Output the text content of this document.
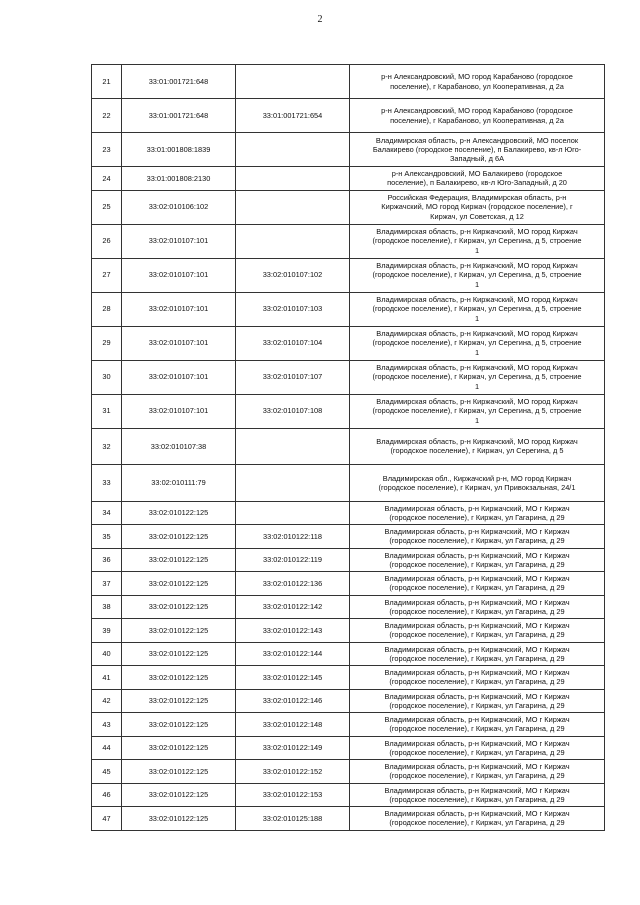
2
21	33:01:001721:648		р-н Александровский, МО город Карабаново (городское
поселение), г Карабаново, ул Кооперативная, д 2а
22	33:01:001721:648	33:01:001721:654	р-н Александровский, МО город Карабаново (городское
поселение), г Карабаново, ул Кооперативная, д 2а
23	33:01:001808:1839		Владимирская область, р-н Александровский, МО поселок
Балакирево (городское поселение), п Балакирево, кв-л Юго-
Западный, д 6А
24	33:01:001808:2130		р-н Александровский, МО Балакирево (городское
поселение), п Балакирево, кв-л Юго-Западный, д 20
25	33:02:010106:102		Российская Федерация, Владимирская область, р-н
Киржачский, МО город Киржач (городское поселение), г
Киржач, ул Советская, д 12
26	33:02:010107:101		Владимирская область, р-н Киржачский, МО город Киржач
(городское поселение), г Киржач, ул Серегина, д 5, строение
1
27	33:02:010107:101	33:02:010107:102	Владимирская область, р-н Киржачский, МО город Киржач
(городское поселение), г Киржач, ул Серегина, д 5, строение
1
28	33:02:010107:101	33:02:010107:103	Владимирская область, р-н Киржачский, МО город Киржач
(городское поселение), г Киржач, ул Серегина, д 5, строение
1
29	33:02:010107:101	33:02:010107:104	Владимирская область, р-н Киржачский, МО город Киржач
(городское поселение), г Киржач, ул Серегина, д 5, строение
1
30	33:02:010107:101	33:02:010107:107	Владимирская область, р-н Киржачский, МО город Киржач
(городское поселение), г Киржач, ул Серегина, д 5, строение
1
31	33:02:010107:101	33:02:010107:108	Владимирская область, р-н Киржачский, МО город Киржач
(городское поселение), г Киржач, ул Серегина, д 5, строение
1
32	33:02:010107:38		Владимирская область, р-н Киржачский, МО город Киржач
(городское поселение), г Киржач, ул Серегина, д 5
33	33:02:010111:79		Владимирская обл., Киржачский р-н, МО город Киржач
(городское поселение), г Киржач, ул Привокзальная, 24/1
34	33:02:010122:125		Владимирская область, р-н Киржачский, МО г Киржач
(городское поселение), г Киржач, ул Гагарина, д 29
35	33:02:010122:125	33:02:010122:118	Владимирская область, р-н Киржачский, МО г Киржач
(городское поселение), г Киржач, ул Гагарина, д 29
36	33:02:010122:125	33:02:010122:119	Владимирская область, р-н Киржачский, МО г Киржач
(городское поселение), г Киржач, ул Гагарина, д 29
37	33:02:010122:125	33:02:010122:136	Владимирская область, р-н Киржачский, МО г Киржач
(городское поселение), г Киржач, ул Гагарина, д 29
38	33:02:010122:125	33:02:010122:142	Владимирская область, р-н Киржачский, МО г Киржач
(городское поселение), г Киржач, ул Гагарина, д 29
39	33:02:010122:125	33:02:010122:143	Владимирская область, р-н Киржачский, МО г Киржач
(городское поселение), г Киржач, ул Гагарина, д 29
40	33:02:010122:125	33:02:010122:144	Владимирская область, р-н Киржачский, МО г Киржач
(городское поселение), г Киржач, ул Гагарина, д 29
41	33:02:010122:125	33:02:010122:145	Владимирская область, р-н Киржачский, МО г Киржач
(городское поселение), г Киржач, ул Гагарина, д 29
42	33:02:010122:125	33:02:010122:146	Владимирская область, р-н Киржачский, МО г Киржач
(городское поселение), г Киржач, ул Гагарина, д 29
43	33:02:010122:125	33:02:010122:148	Владимирская область, р-н Киржачский, МО г Киржач
(городское поселение), г Киржач, ул Гагарина, д 29
44	33:02:010122:125	33:02:010122:149	Владимирская область, р-н Киржачский, МО г Киржач
(городское поселение), г Киржач, ул Гагарина, д 29
45	33:02:010122:125	33:02:010122:152	Владимирская область, р-н Киржачский, МО г Киржач
(городское поселение), г Киржач, ул Гагарина, д 29
46	33:02:010122:125	33:02:010122:153	Владимирская область, р-н Киржачский, МО г Киржач
(городское поселение), г Киржач, ул Гагарина, д 29
47	33:02:010122:125	33:02:010125:188	Владимирская область, р-н Киржачский, МО г Киржач
(городское поселение), г Киржач, ул Гагарина, д 29
